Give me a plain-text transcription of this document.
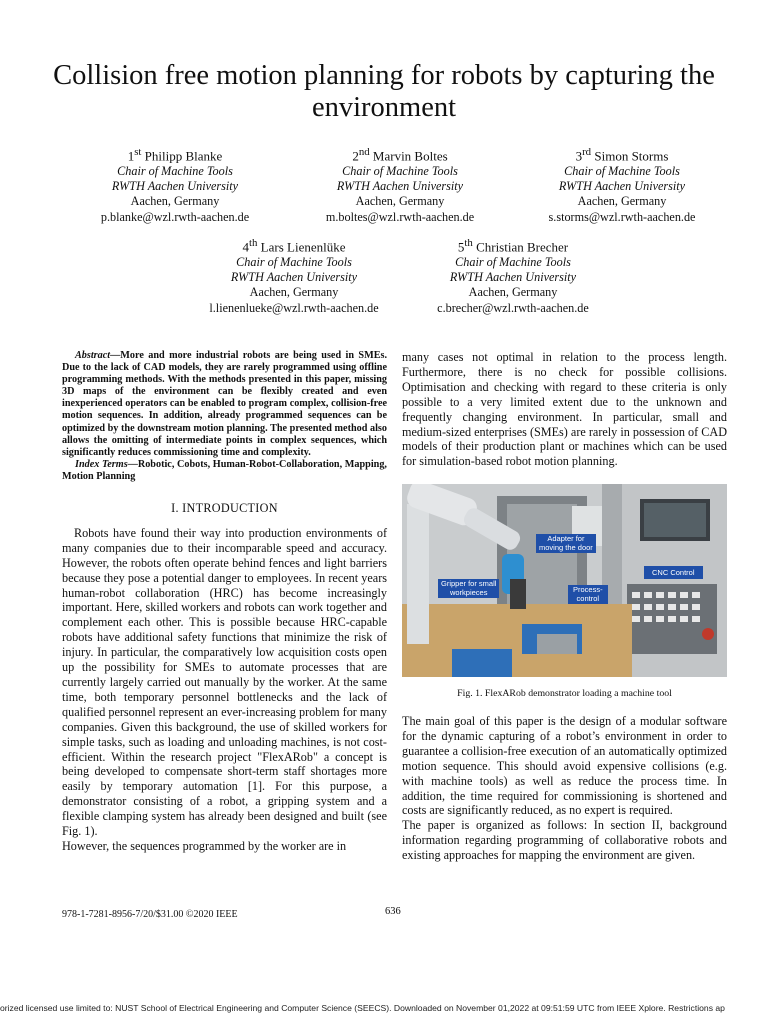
Collision free motion planning for robots by capturing the environment
1st Philipp Blanke
Chair of Machine Tools
RWTH Aachen University
Aachen, Germany
p.blanke@wzl.rwth-aachen.de
2nd Marvin Boltes
Chair of Machine Tools
RWTH Aachen University
Aachen, Germany
m.boltes@wzl.rwth-aachen.de
3rd Simon Storms
Chair of Machine Tools
RWTH Aachen University
Aachen, Germany
s.storms@wzl.rwth-aachen.de
4th Lars Lienenlüke
Chair of Machine Tools
RWTH Aachen University
Aachen, Germany
l.lienenlueke@wzl.rwth-aachen.de
5th Christian Brecher
Chair of Machine Tools
RWTH Aachen University
Aachen, Germany
c.brecher@wzl.rwth-aachen.de

Abstract—More and more industrial robots are being used in SMEs. Due to the lack of CAD models, they are rarely programmed using offline programming methods. With the methods presented in this paper, missing 3D maps of the environment can be flexibly created and even inexperienced operators can be enabled to program complex, collision-free motion sequences. In addition, already programmed sequences can be optimized by the downstream motion planning. The presented method also allows the omitting of intermediate points in complex sequences, which significantly reduces commissioning time and complexity.

Index Terms—Robotic, Cobots, Human-Robot-Collaboration, Mapping, Motion Planning

I. INTRODUCTION

Robots have found their way into production environments of many companies due to their incomparable speed and accuracy. However, the robots often operate behind fences and light barriers because they pose a potential danger to employees. In recent years human-robot collaboration (HRC) has become increasingly important. Here, skilled workers and robots can work together and complement each other. This is possible because HRC-capable robots have additional safety functions that minimize the risk of injury. In particular, the comparatively low acquisition costs open up the possibility for SMEs to automate processes that are currently largely carried out manually by the worker. At the same time, both temporary personnel bottlenecks and the lack of qualified personnel represent an ever-increasing problem for many companies. Given this background, the use of skilled workers for simple tasks, such as loading and unloading machines, is not cost-efficient. Within the research project "FlexARob" a concept is being developed to compensate short-term staff shortages more easily by temporary automation [1]. For this purpose, a demonstrator consisting of a robot, a gripping system and a flexible clamping system has already been designed and built (see Fig. 1).

However, the sequences programmed by the worker are in

many cases not optimal in relation to the process length. Furthermore, there is no check for possible collisions. Optimisation and checking with regard to these criteria is only possible to a very limited extent due to the unknown and frequently changing environment. In particular, small and medium-sized enterprises (SMEs) are rarely in possession of CAD models of their production plant or machines which can be used for simulation-based robot motion planning.

Adapter for
moving the door
CNC Control
Gripper for small
workpieces	Process-
control
Fig. 1. FlexARob demonstrator loading a machine tool

The main goal of this paper is the design of a modular software for the dynamic capturing of a robot’s environment in order to guarantee a collision-free execution of an automatically optimized motion sequence. This should avoid expensive collisions (e.g. with machine tools) as well as reduce the process time. In addition, the time required for commissioning is shortened and costs are significantly reduced, as no expert is required.

The paper is organized as follows: In section II, background information regarding programming of collaborative robots and existing approaches for mapping the environment are given.

978-1-7281-8956-7/20/$31.00 ©2020 IEEE	636
orized licensed use limited to: NUST School of Electrical Engineering and Computer Science (SEECS). Downloaded on November 01,2022 at 09:51:59 UTC from IEEE Xplore. Restrictions ap
